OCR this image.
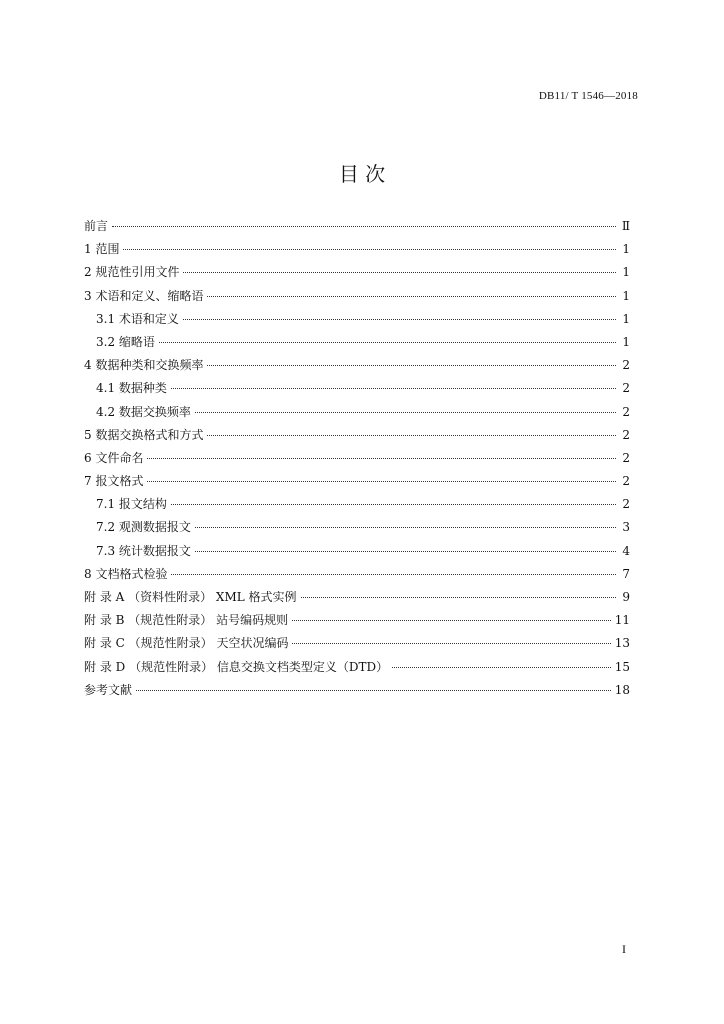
DB11/ T 1546—2018
目 次
前言	Ⅱ
1 范围	1
2 规范性引用文件	1
3 术语和定义、缩略语	1
3.1 术语和定义	1
3.2 缩略语	1
4 数据种类和交换频率	2
4.1 数据种类	2
4.2 数据交换频率	2
5 数据交换格式和方式	2
6 文件命名	2
7 报文格式	2
7.1 报文结构	2
7.2 观测数据报文	3
7.3 统计数据报文	4
8 文档格式检验	7
附 录 A （资料性附录） XML 格式实例	9
附 录 B （规范性附录） 站号编码规则	11
附 录 C （规范性附录） 天空状况编码	13
附 录 D （规范性附录） 信息交换文档类型定义（DTD）	15
参考文献	18
I
